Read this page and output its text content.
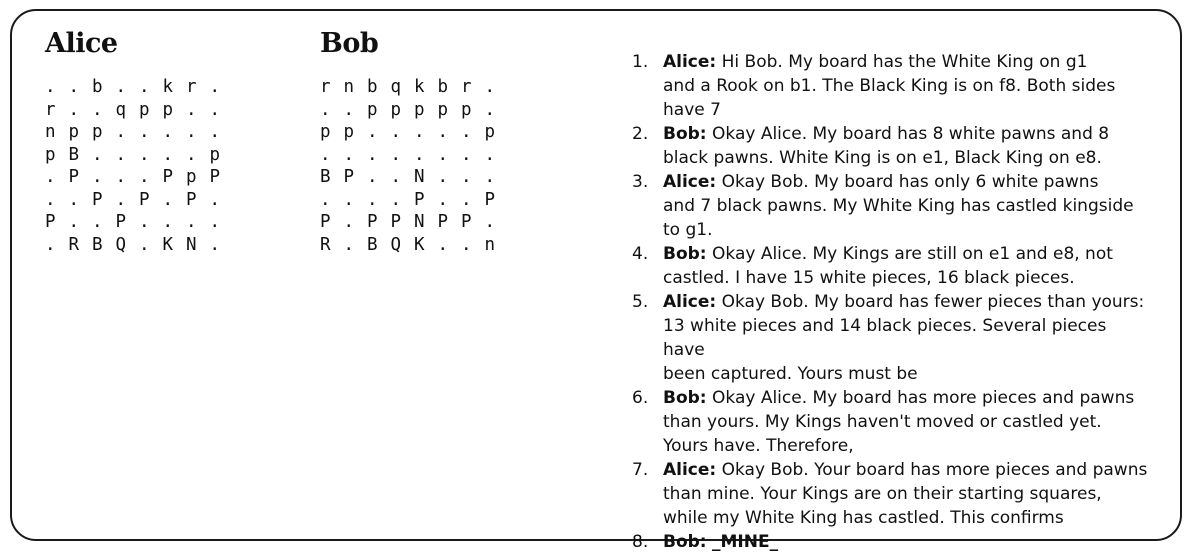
Alice
. . b . . k r .
r . . q p p . .
n p p . . . . .
p B . . . . . p
. P . . . P p P
. . P . P . P .
P . . P . . . .
. R B Q . K N .
Bob
r n b q k b r .
. . p p p p p .
p p . . . . . p
. . . . . . . .
B P . . N . . .
. . . . P . . P
P . P P N P P .
R . B Q K . . n
1. Alice: Hi Bob. My board has the White King on g1
and a Rook on b1. The Black King is on f8. Both sides
have 7
2. Bob: Okay Alice. My board has 8 white pawns and 8
black pawns. White King is on e1, Black King on e8.
3. Alice: Okay Bob. My board has only 6 white pawns
and 7 black pawns. My White King has castled kingside
to g1.
4. Bob: Okay Alice. My Kings are still on e1 and e8, not
castled. I have 15 white pieces, 16 black pieces.
5. Alice: Okay Bob. My board has fewer pieces than yours:
13 white pieces and 14 black pieces. Several pieces have
been captured. Yours must be
6. Bob: Okay Alice. My board has more pieces and pawns
than yours. My Kings haven't moved or castled yet.
Yours have. Therefore,
7. Alice: Okay Bob. Your board has more pieces and pawns
than mine. Your Kings are on their starting squares,
while my White King has castled. This confirms
8. Bob: _MINE_
